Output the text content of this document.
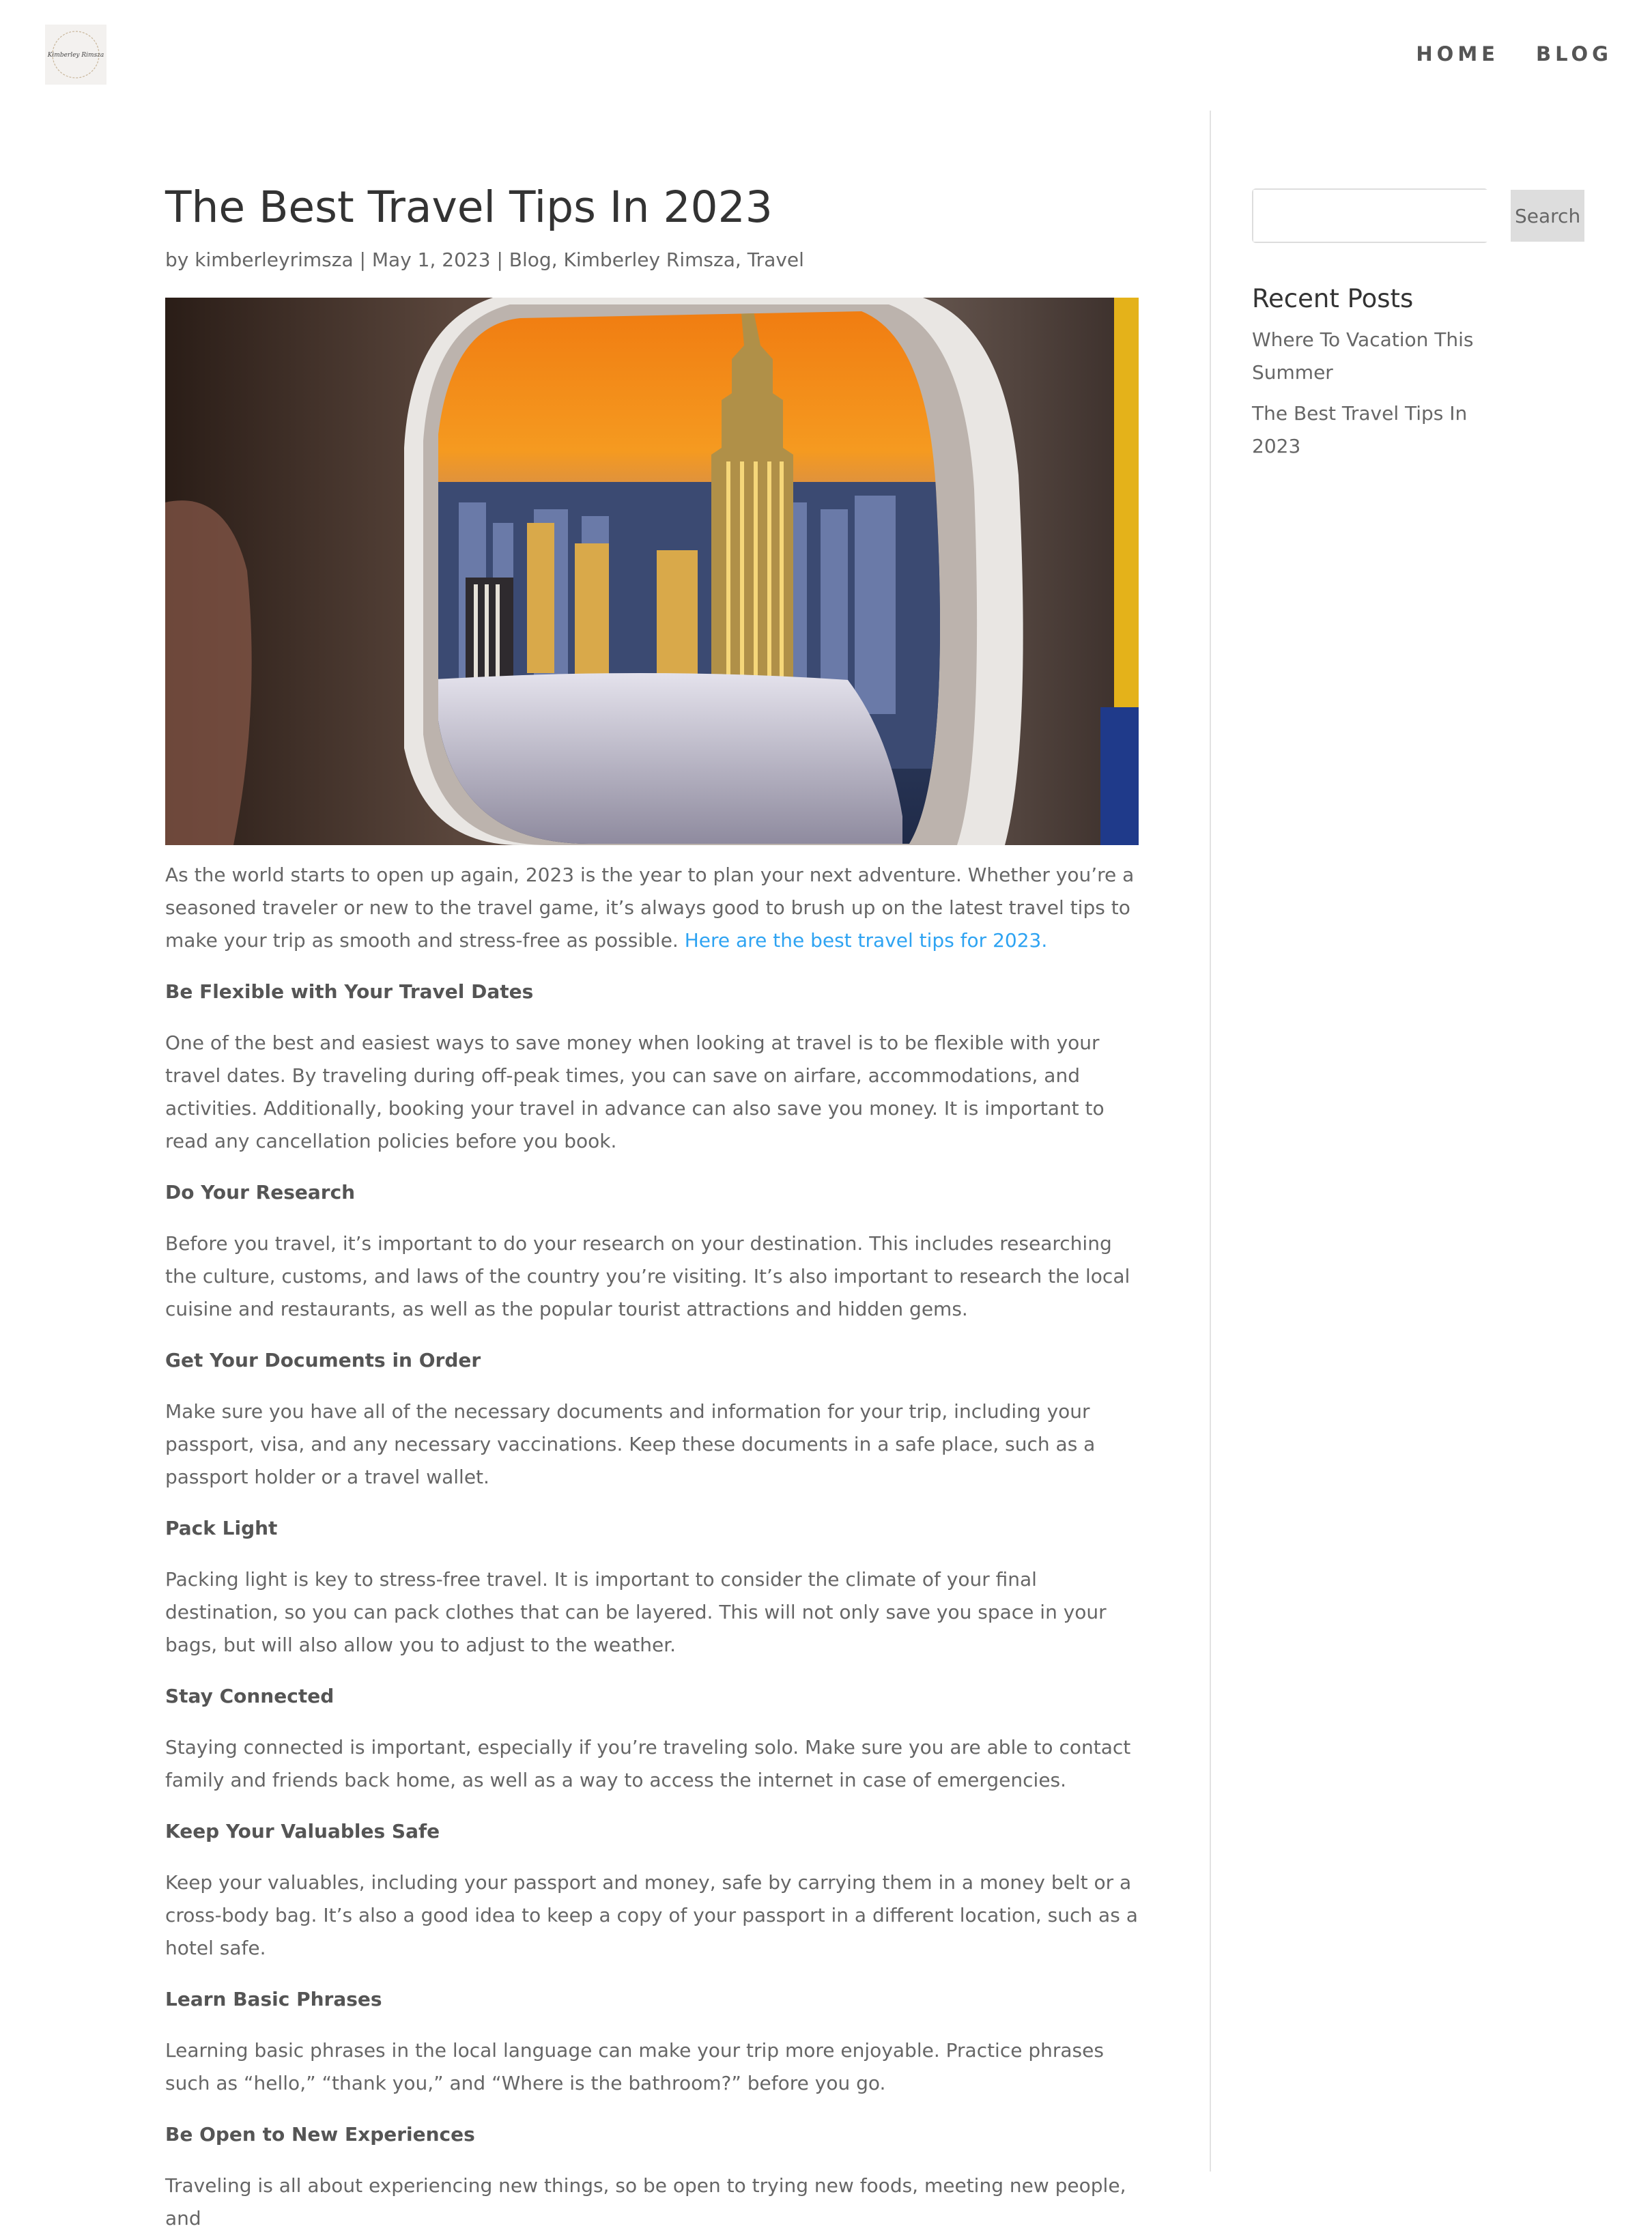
Kimberley Rimsza	HOME BLOG
The Best Travel Tips In 2023
by kimberleyrimsza | May 1, 2023 | Blog, Kimberley Rimsza, Travel

As the world starts to open up again, 2023 is the year to plan your next adventure. Whether you’re a seasoned traveler or new to the travel game, it’s always good to brush up on the latest travel tips to make your trip as smooth and stress-free as possible. Here are the best travel tips for 2023.

Be Flexible with Your Travel Dates

One of the best and easiest ways to save money when looking at travel is to be flexible with your travel dates. By traveling during off-peak times, you can save on airfare, accommodations, and activities. Additionally, booking your travel in advance can also save you money. It is important to read any cancellation policies before you book.

Do Your Research

Before you travel, it’s important to do your research on your destination. This includes researching the culture, customs, and laws of the country you’re visiting. It’s also important to research the local cuisine and restaurants, as well as the popular tourist attractions and hidden gems.

Get Your Documents in Order

Make sure you have all of the necessary documents and information for your trip, including your passport, visa, and any necessary vaccinations. Keep these documents in a safe place, such as a passport holder or a travel wallet.

Pack Light

Packing light is key to stress-free travel. It is important to consider the climate of your final destination, so you can pack clothes that can be layered. This will not only save you space in your bags, but will also allow you to adjust to the weather.

Stay Connected

Staying connected is important, especially if you’re traveling solo. Make sure you are able to contact family and friends back home, as well as a way to access the internet in case of emergencies.

Keep Your Valuables Safe

Keep your valuables, including your passport and money, safe by carrying them in a money belt or a cross-body bag. It’s also a good idea to keep a copy of your passport in a different location, such as a hotel safe.

Learn Basic Phrases

Learning basic phrases in the local language can make your trip more enjoyable. Practice phrases such as “hello,” “thank you,” and “Where is the bathroom?” before you go.

Be Open to New Experiences

Traveling is all about experiencing new things, so be open to trying new foods, meeting new people, and

Search
Recent Posts
Where To Vacation This Summer
The Best Travel Tips In 2023
